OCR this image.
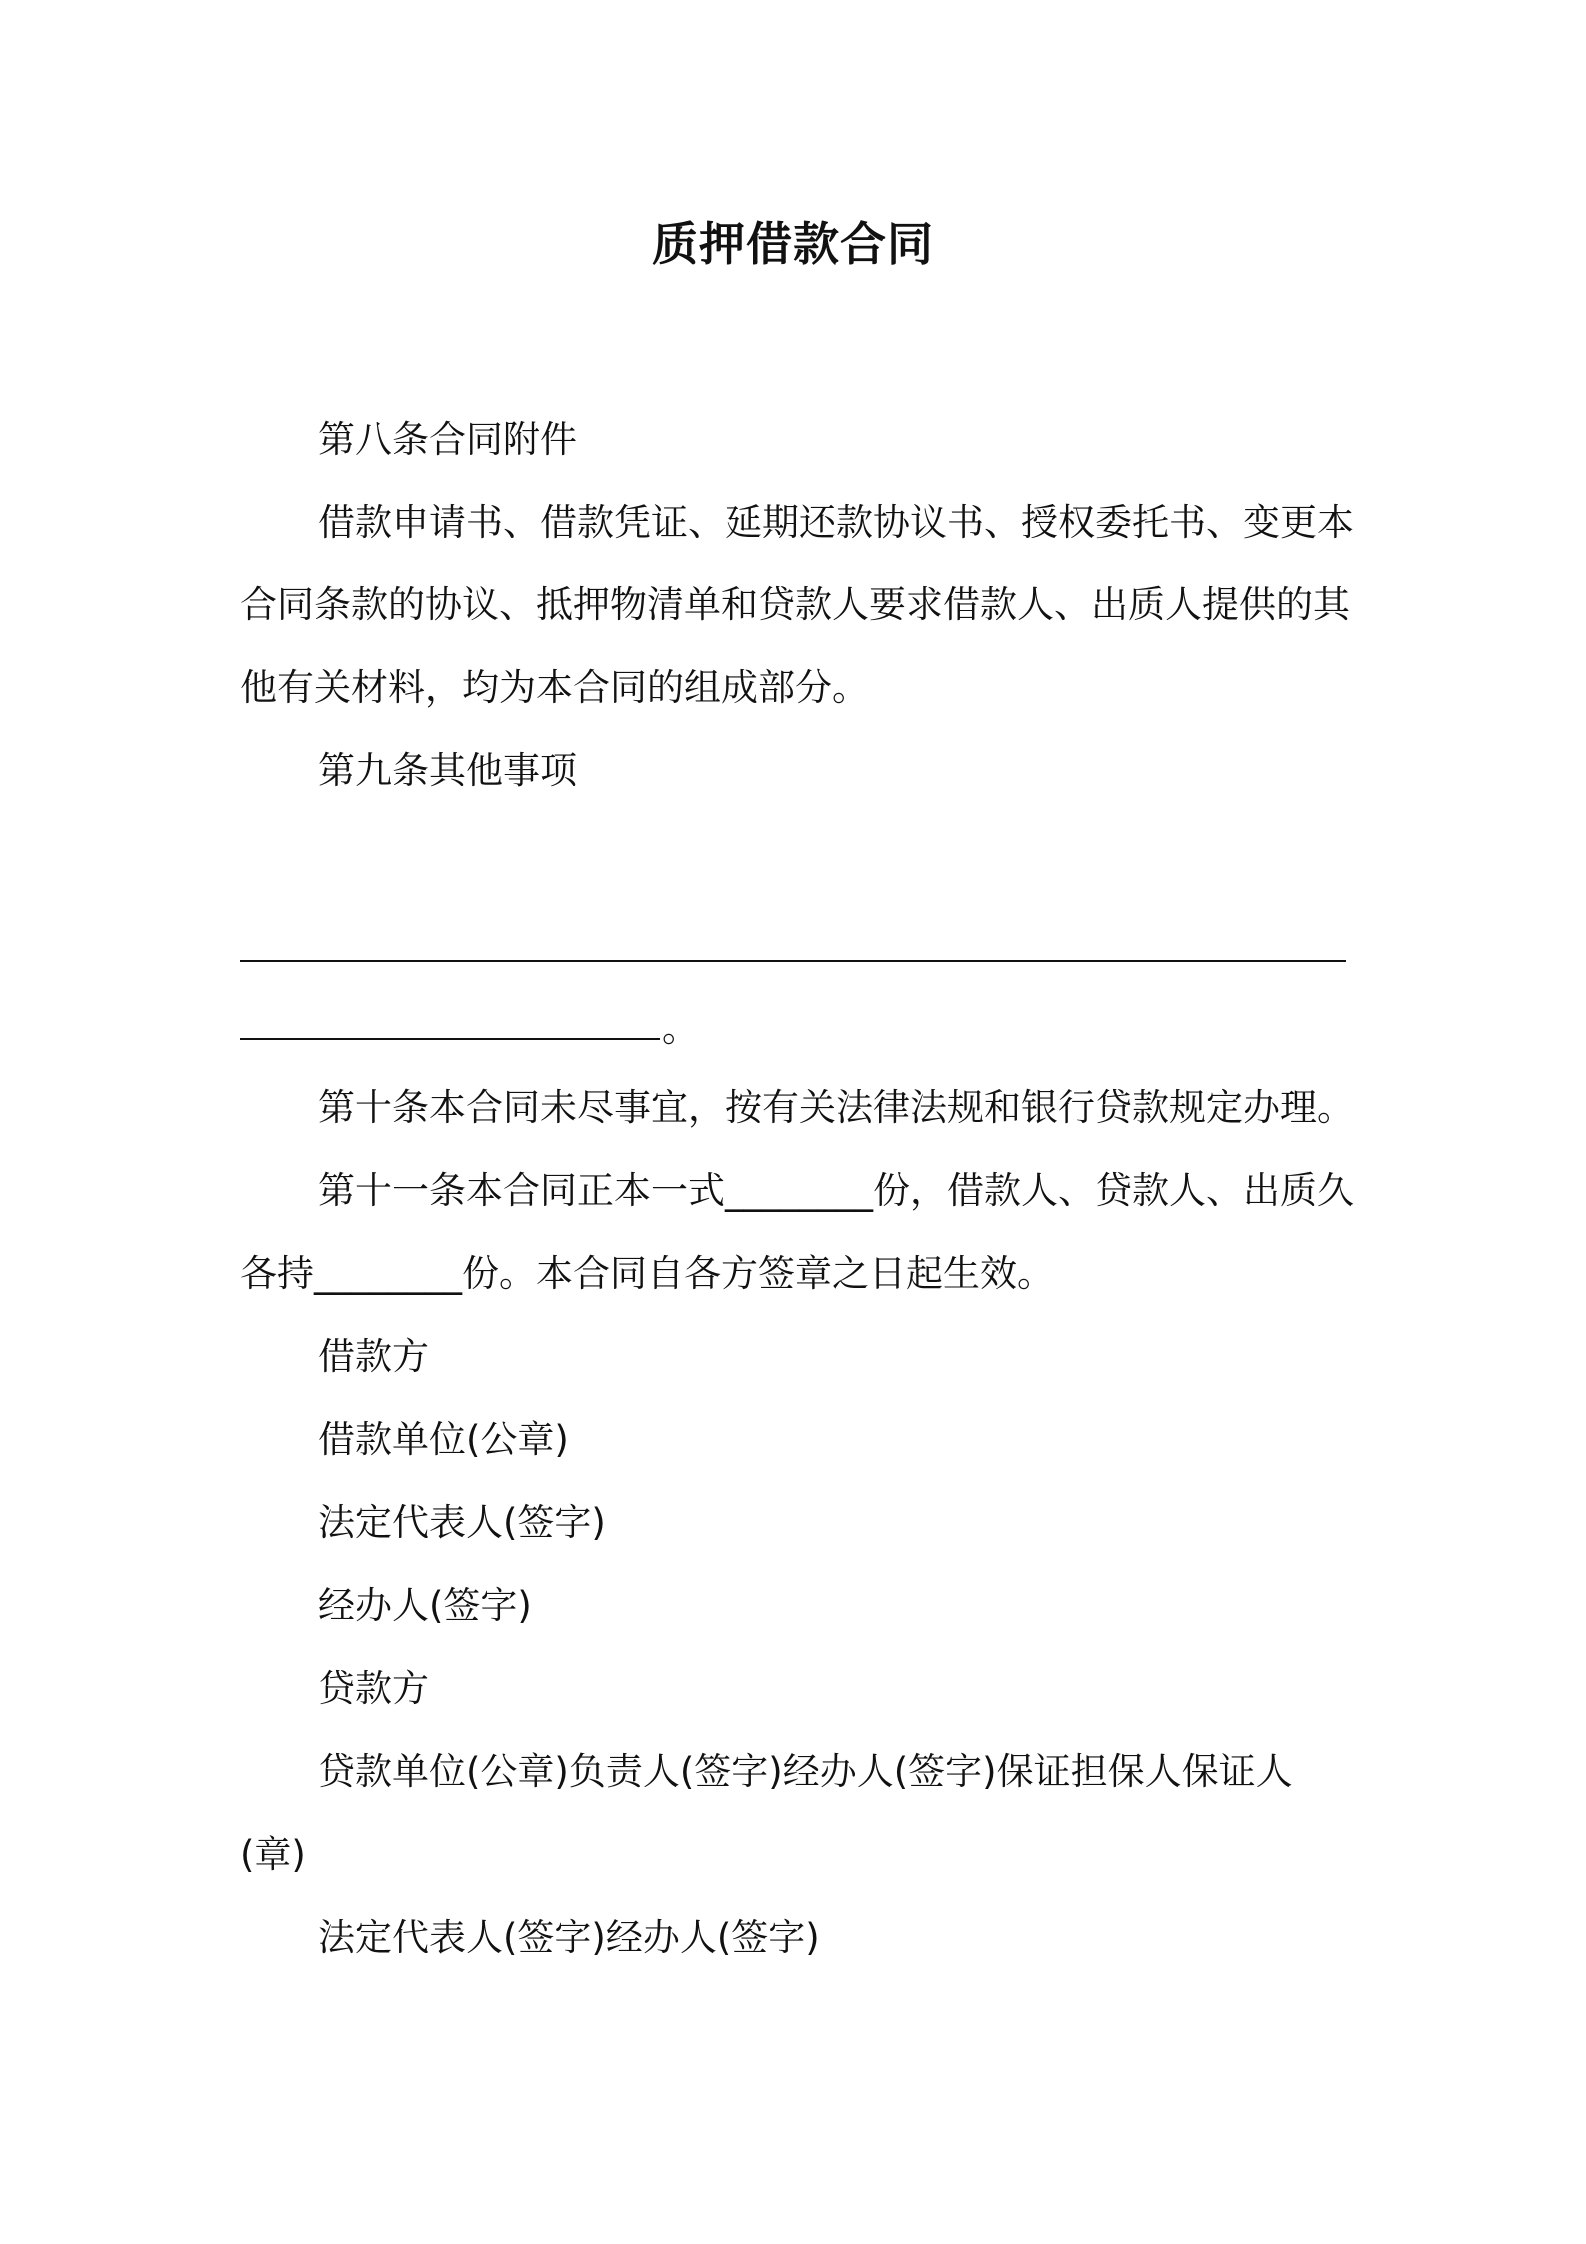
质押借款合同
第八条合同附件
借款申请书、借款凭证、延期还款协议书、授权委托书、变更本
合同条款的协议、抵押物清单和贷款人要求借款人、出质人提供的其
他有关材料，均为本合同的组成部分。
第九条其他事项
。
第十条本合同未尽事宜，按有关法律法规和银行贷款规定办理。
第十一条本合同正本一式________份，借款人、贷款人、出质久
各持________份。本合同自各方签章之日起生效。
借款方
借款单位(公章)
法定代表人(签字)
经办人(签字)
贷款方
贷款单位(公章)负责人(签字)经办人(签字)保证担保人保证人
(章)
法定代表人(签字)经办人(签字)
